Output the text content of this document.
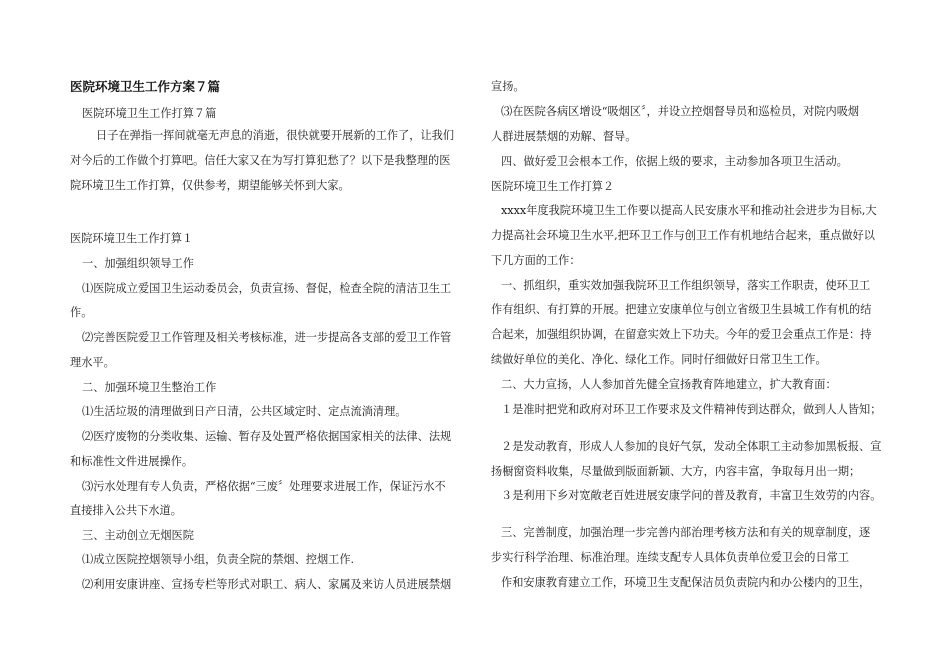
医院环境卫生工作方案７篇
医院环境卫生工作打算７篇
日子在弹指一挥间就毫无声息的消逝，很快就要开展新的工作了，让我们
对今后的工作做个打算吧。信任大家又在为写打算犯愁了？以下是我整理的医
院环境卫生工作打算，仅供参考，期望能够关怀到大家。
医院环境卫生工作打算１
一、加强组织领导工作
⑴医院成立爱国卫生运动委员会，负责宣扬、督促，检查全院的清洁卫生工
作。
⑵完善医院爱卫工作管理及相关考核标准，进一步提高各支部的爱卫工作管
理水平。
二、加强环境卫生整治工作
⑴生活垃圾的清理做到日产日清，公共区域定时、定点流淌清理。
⑵医疗废物的分类收集、运输、暂存及处置严格依据国家相关的法律、法规
和标准性文件进展操作。
⑶污水处理有专人负责，严格依据“三废〞处理要求进展工作，保证污水不
直接排入公共下水道。
三、主动创立无烟医院
⑴成立医院控烟领导小组，负责全院的禁烟、控烟工作.
⑵利用安康讲座、宣扬专栏等形式对职工、病人、家属及来访人员进展禁烟
宣扬。
⑶在医院各病区增设“吸烟区〞，并设立控烟督导员和巡检员，对院内吸烟
人群进展禁烟的劝解、督导。
四、做好爱卫会根本工作，依据上级的要求，主动参加各项卫生活动。
医院环境卫生工作打算２
xxxx年度我院环境卫生工作要以提高人民安康水平和推动社会进步为目标,大
力提高社会环境卫生水平,把环卫工作与创卫工作有机地结合起来，重点做好以
下几方面的工作：
一、抓组织，重实效加强我院环卫工作组织领导，落实工作职责，使环卫工
作有组织、有打算的开展。把建立安康单位与创立省级卫生县城工作有机的结
合起来，加强组织协调，在留意实效上下功夫。今年的爱卫会重点工作是：持
续做好单位的美化、净化、绿化工作。同时仔细做好日常卫生工作。
二、大力宣扬，人人参加首先健全宣扬教育阵地建立，扩大教育面：
１是准时把党和政府对环卫工作要求及文件精神传到达群众，做到人人皆知；
２是发动教育，形成人人参加的良好气氛，发动全体职工主动参加黑板报、宣
扬橱窗资料收集，尽量做到版面新颖、大方，内容丰富，争取每月出一期；
３是利用下乡对宽敞老百姓进展安康学问的普及教育，丰富卫生效劳的内容。
三、完善制度，加强治理一步完善内部治理考核方法和有关的规章制度，逐
步实行科学治理、标准治理。连续支配专人具体负责单位爱卫会的日常工
作和安康教育建立工作，环境卫生支配保洁员负责院内和办公楼内的卫生，
